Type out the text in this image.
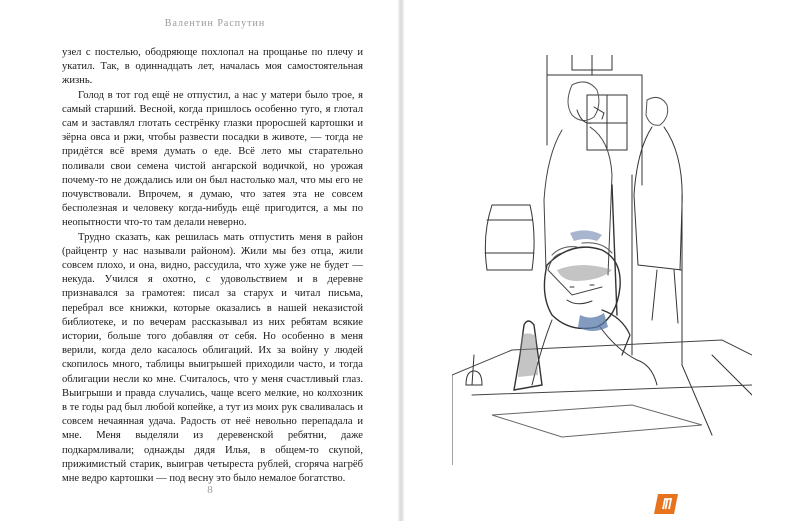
Валентин Распутин

узел с постелью, ободряюще похлопал на прощанье по плечу и укатил. Так, в одиннадцать лет, началась моя самостоятельная жизнь.

Голод в тот год ещё не отпустил, а нас у матери было трое, я самый старший. Весной, когда пришлось особенно туго, я глотал сам и заставлял глотать сестрёнку глазки проросшей картошки и зёрна овса и ржи, чтобы развести посадки в животе, — тогда не придётся всё время думать о еде. Всё лето мы старательно поливали свои семена чистой ангарской водичкой, но урожая почему-то не дождались или он был настолько мал, что мы его не почувствовали. Впрочем, я думаю, что затея эта не совсем бесполезная и человеку когда-нибудь ещё пригодится, а мы по неопытности что-то там делали неверно.

Трудно сказать, как решилась мать отпустить меня в район (райцентр у нас называли районом). Жили мы без отца, жили совсем плохо, и она, видно, рассудила, что хуже уже не будет — некуда. Учился я охотно, с удовольствием и в деревне признавался за грамотея: писал за старух и читал письма, перебрал все книжки, которые оказались в нашей неказистой библиотеке, и по вечерам рассказывал из них ребятам всякие истории, больше того добавляя от себя. Но особенно в меня верили, когда дело касалось облигаций. Их за войну у людей скопилось много, таблицы выигрышей приходили часто, и тогда облигации несли ко мне. Считалось, что у меня счастливый глаз. Выигрыши и правда случались, чаще всего мелкие, но колхозник в те годы рад был любой копейке, а тут из моих рук сваливалась и совсем нечаянная удача. Радость от неё невольно перепадала и мне. Меня выделяли из деревенской ребятни, даже подкармливали; однажды дядя Илья, в общем-то скупой, прижимистый старик, выиграв четыреста рублей, сгоряча нагрёб мне ведро картошки — под весну это было немалое богатство.

8
